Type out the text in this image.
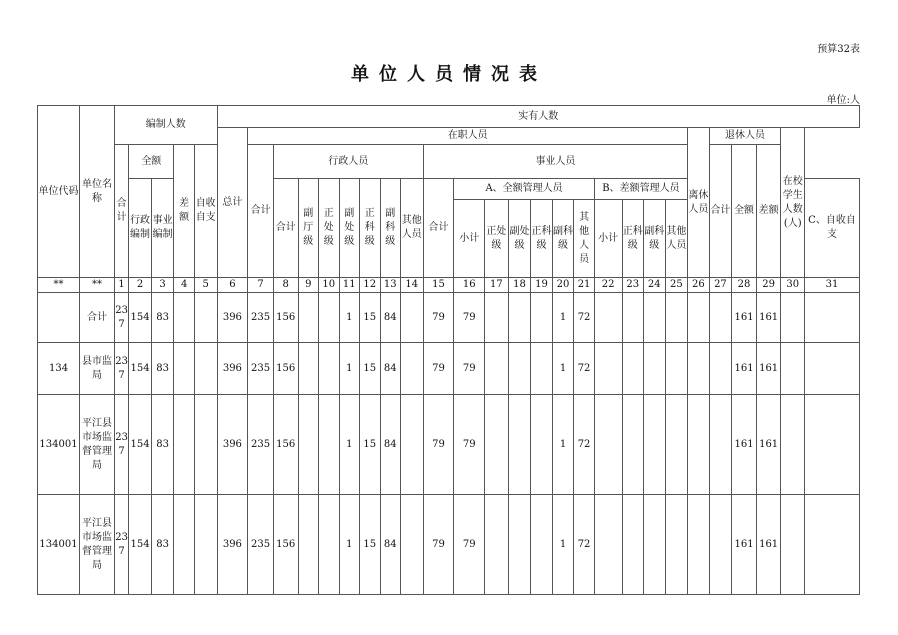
预算32表
单位人员情况表
单位:人
单位代码	单位名称	编制人数					实有人数																									
							总计	在职人员																			离休人员	退休人员			在校学生人数(人)	
		合计	全额		差额	自收自支		合计	行政人员							事业人员												合计	全额	差额		
			行政编制	事业编制					合计	副厅级	正处级	副处级	正科级	副科级	其他人员	合计	A、全额管理人员						B、差额管理人员									C、自收自支
																	小计	正处级	副处级	正科级	副科级	其他人员	小计	正科级	副科级	其他人员						

**	**	1	2	3	4	5	6	7	8	9	10	11	12	13	14	15	16	17	18	19	20	21	22	23	24	25	26	27	28	29	30	31
	合计	237	154	83			396	235	156			1	15	84		79	79				1	72							161	161		
134	县市监局	237	154	83			396	235	156			1	15	84		79	79				1	72							161	161		
134001	平江县市场监督管理局	237	154	83			396	235	156			1	15	84		79	79				1	72							161	161		
134001	平江县市场监督管理局	237	154	83			396	235	156			1	15	84		79	79				1	72							161	161		
